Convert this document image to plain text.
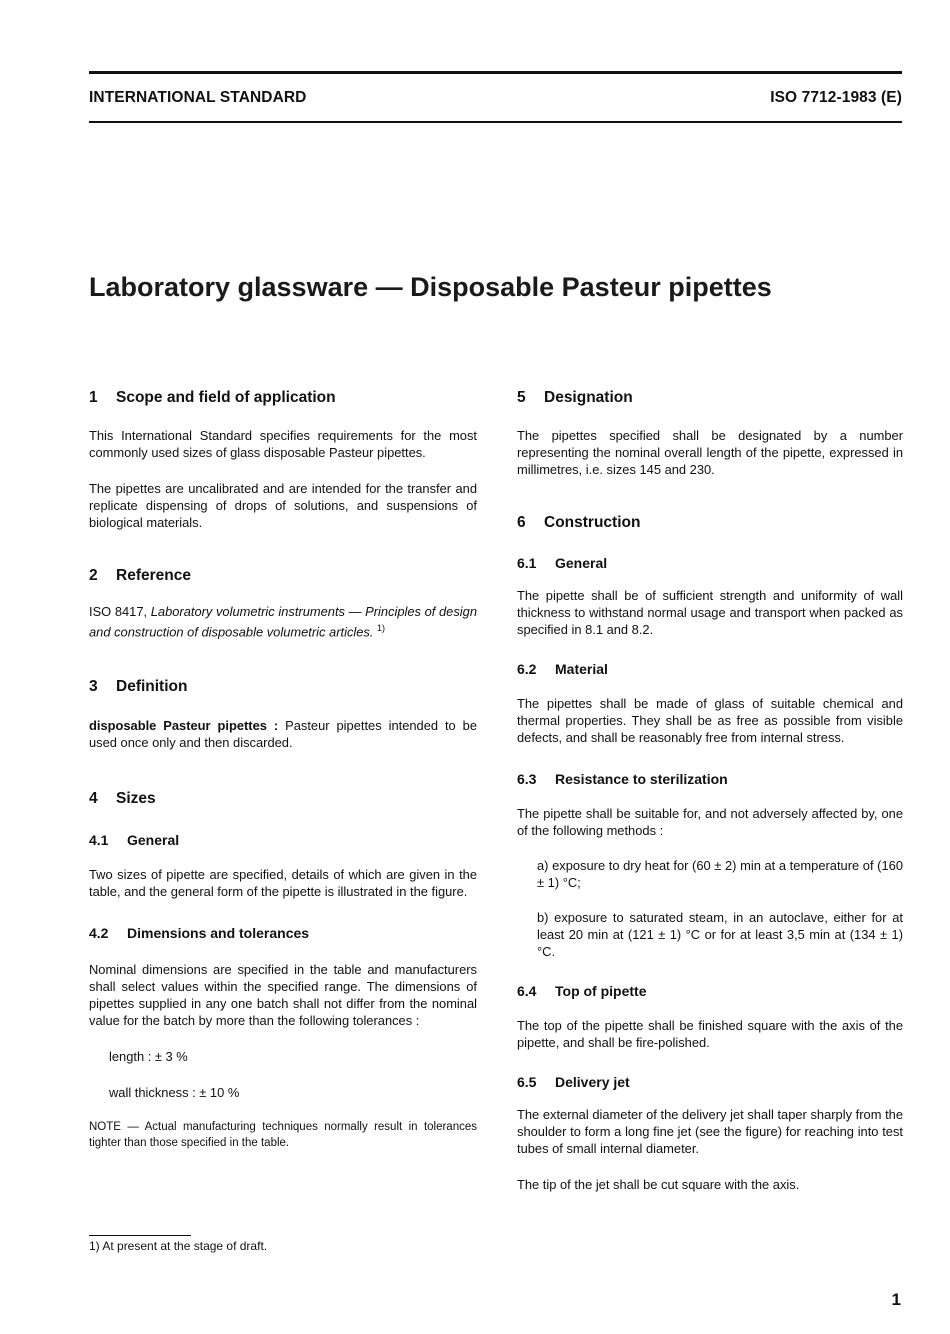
INTERNATIONAL STANDARD	ISO 7712-1983 (E)
Laboratory glassware — Disposable Pasteur pipettes
1 Scope and field of application

This International Standard specifies requirements for the most commonly used sizes of glass disposable Pasteur pipettes.

The pipettes are uncalibrated and are intended for the transfer and replicate dispensing of drops of solutions, and suspensions of biological materials.

2 Reference

ISO 8417, Laboratory volumetric instruments — Principles of design and construction of disposable volumetric articles. $^{1)}$

3 Definition

disposable Pasteur pipettes : Pasteur pipettes intended to be used once only and then discarded.

4 Sizes
4.1 General

Two sizes of pipette are specified, details of which are given in the table, and the general form of the pipette is illustrated in the figure.

4.2 Dimensions and tolerances

Nominal dimensions are specified in the table and manufacturers shall select values within the specified range. The dimensions of pipettes supplied in any one batch shall not differ from the nominal value for the batch by more than the following tolerances :

length : ± 3 %

wall thickness : ± 10 %

NOTE — Actual manufacturing techniques normally result in tolerances tighter than those specified in the table.

5 Designation

The pipettes specified shall be designated by a number representing the nominal overall length of the pipette, expressed in millimetres, i.e. sizes 145 and 230.

6 Construction
6.1 General

The pipette shall be of sufficient strength and uniformity of wall thickness to withstand normal usage and transport when packed as specified in 8.1 and 8.2.

6.2 Material

The pipettes shall be made of glass of suitable chemical and thermal properties. They shall be as free as possible from visible defects, and shall be reasonably free from internal stress.

6.3 Resistance to sterilization

The pipette shall be suitable for, and not adversely affected by, one of the following methods :

a) exposure to dry heat for (60 ± 2) min at a temperature of (160 ± 1) °C;

b) exposure to saturated steam, in an autoclave, either for at least 20 min at (121 ± 1) °C or for at least 3,5 min at (134 ± 1) °C.

6.4 Top of pipette

The top of the pipette shall be finished square with the axis of the pipette, and shall be fire-polished.

6.5 Delivery jet

The external diameter of the delivery jet shall taper sharply from the shoulder to form a long fine jet (see the figure) for reaching into test tubes of small internal diameter.

The tip of the jet shall be cut square with the axis.

1) At present at the stage of draft.
1
